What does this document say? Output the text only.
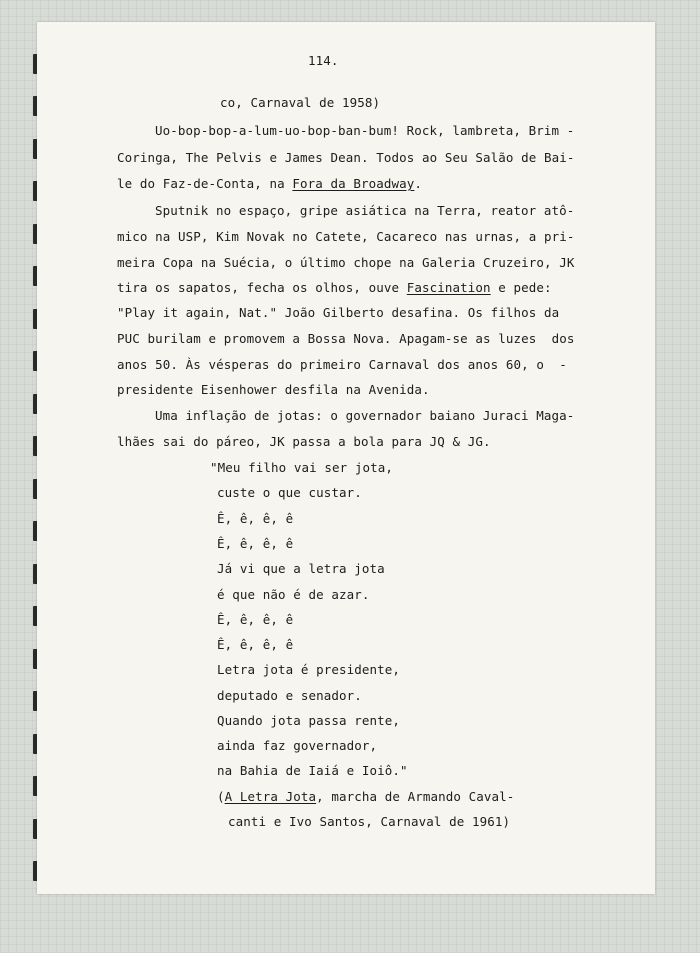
114.
co, Carnaval de 1958)
Uo-bop-bop-a-lum-uo-bop-ban-bum! Rock, lambreta, Brim -
Coringa, The Pelvis e James Dean. Todos ao Seu Salão de Bai-
le do Faz-de-Conta, na Fora da Broadway.
Sputnik no espaço, gripe asiática na Terra, reator atô-
mico na USP, Kim Novak no Catete, Cacareco nas urnas, a pri-
meira Copa na Suécia, o último chope na Galeria Cruzeiro, JK
tira os sapatos, fecha os olhos, ouve Fascination e pede:
"Play it again, Nat." João Gilberto desafina. Os filhos da
PUC burilam e promovem a Bossa Nova. Apagam-se as luzes  dos
anos 50. Às vésperas do primeiro Carnaval dos anos 60, o  -
presidente Eisenhower desfila na Avenida.
Uma inflação de jotas: o governador baiano Juraci Maga-
lhães sai do páreo, JK passa a bola para JQ & JG.
"Meu filho vai ser jota,
custe o que custar.
Ê, ê, ê, ê
Ê, ê, ê, ê
Já vi que a letra jota
é que não é de azar.
Ê, ê, ê, ê
Ê, ê, ê, ê
Letra jota é presidente,
deputado e senador.
Quando jota passa rente,
ainda faz governador,
na Bahia de Iaiá e Ioiô."
(A Letra Jota, marcha de Armando Caval-
canti e Ivo Santos, Carnaval de 1961)
